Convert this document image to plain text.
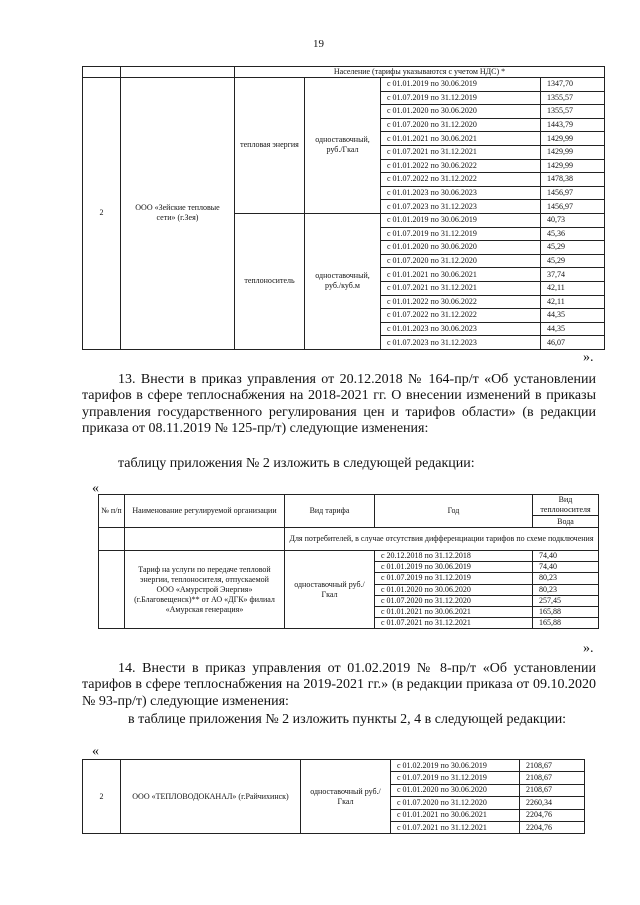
19
		Население (тарифы указываются с учетом НДС) *			
2	ООО «Зейские тепловые сети» (г.Зея)	тепловая энергия	одноставочный, руб./Гкал	с 01.01.2019 по 30.06.2019	1347,70
				с 01.07.2019 по 31.12.2019	1355,57
				с 01.01.2020 по 30.06.2020	1355,57
				с 01.07.2020 по 31.12.2020	1443,79
				с 01.01.2021 по 30.06.2021	1429,99
				с 01.07.2021 по 31.12.2021	1429,99
				с 01.01.2022 по 30.06.2022	1429,99
				с 01.07.2022 по 31.12.2022	1478,38
				с 01.01.2023 по 30.06.2023	1456,97
				с 01.07.2023 по 31.12.2023	1456,97
		теплоноситель	одноставочный, руб./куб.м	с 01.01.2019 по 30.06.2019	40,73
				с 01.07.2019 по 31.12.2019	45,36
				с 01.01.2020 по 30.06.2020	45,29
				с 01.07.2020 по 31.12.2020	45,29
				с 01.01.2021 по 30.06.2021	37,74
				с 01.07.2021 по 31.12.2021	42,11
				с 01.01.2022 по 30.06.2022	42,11
				с 01.07.2022 по 31.12.2022	44,35
				с 01.01.2023 по 30.06.2023	44,35
				с 01.07.2023 по 31.12.2023	46,07
».
13. Внести в приказ управления от 20.12.2018 № 164-пр/т «Об установлении тарифов в сфере теплоснабжения на 2018-2021 гг. О внесении изменений в приказы управления государственного регулирования цен и тарифов области» (в редакции приказа от 08.11.2019 № 125-пр/т) следующие изменения:
таблицу приложения № 2 изложить в следующей редакции:
«
№ п/п	Наименование регулируемой организации	Вид тарифа	Год	Вид теплоносителя
				Вода
		Для потребителей, в случае отсутствия дифференциации тарифов по схеме подключения		
	Тариф на услуги по передаче тепловой энергии, теплоносителя, отпускаемой ООО «Амурстрой Энергия» (г.Благовещенск)** от АО «ДГК» филиал «Амурская генерация»	одноставочный руб./Гкал	с 20.12.2018 по 31.12.2018	74,40
			с 01.01.2019 по 30.06.2019	74,40
			с 01.07.2019 по 31.12.2019	80,23
			с 01.01.2020 по 30.06.2020	80,23
			с 01.07.2020 по 31.12.2020	257,45
			с 01.01.2021 по 30.06.2021	165,88
			с 01.07.2021 по 31.12.2021	165,88
».
14. Внести в приказ управления от 01.02.2019 № 8-пр/т «Об установлении тарифов в сфере теплоснабжения на 2019-2021 гг.» (в редакции приказа от 09.10.2020 № 93-пр/т) следующие изменения:
в таблице приложения № 2 изложить пункты 2, 4 в следующей редакции:
«
2	ООО «ТЕПЛОВОДОКАНАЛ» (г.Райчихинск)	одноставочный руб./Гкал	с 01.02.2019 по 30.06.2019	2108,67
			с 01.07.2019 по 31.12.2019	2108,67
			с 01.01.2020 по 30.06.2020	2108,67
			с 01.07.2020 по 31.12.2020	2260,34
			с 01.01.2021 по 30.06.2021	2204,76
			с 01.07.2021 по 31.12.2021	2204,76
